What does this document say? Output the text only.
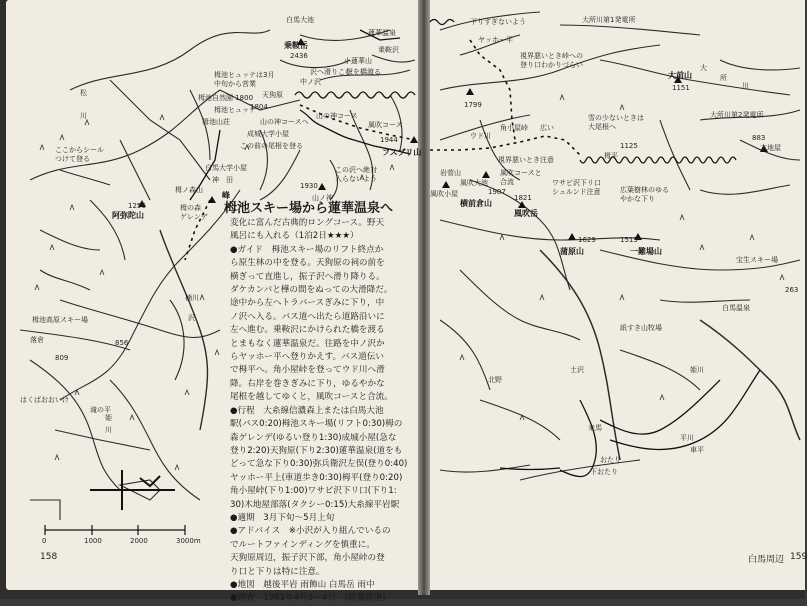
0	1000	2000	3000m
白馬大池
乗鞍岳
2436
蓮華温泉
乗鞍沢
小蓮華山
沢を橋渡る
沢へ滑りこむ
天狗原
栂池ヒュッテは3月中旬から営業
栂池自然園 1800
栂池ヒュッテ
栂池山荘	山の神コースへ
成城大学小屋
この前の尾根を登る
1804
ここからシールつけて登る
白馬大学小屋
神　田
栂ノ森山
栂の森ゲレンデ
峰
1930
山ノ神
この沢へ絶対入らないよう
山の神コース
風吹コース
1944
フスブリ山
1256
阿弥陀山
栂池高原スキー場
落倉
809
856
はくばおおいけ
滝の平
松
川
姫
川
沢
楠川
中ノ沢
大所川第1発電所
下りすぎないよう
ヤッホー平
視界悪いとき峠への登り口わかりづらい
大前山
1151
大
所
川
大所川第2発電所
1799
角小屋峠
ウド川
雪の少ないときは大尾根へ
広い
883
木地屋
1125
栂平
視界悪いとき注意
風吹コースと合流	ワサビ沢下リ口シュルンド注意	広葉樹林のゆるやかな下り
岩菅山
風吹大池
風吹小屋	1907
横前倉山
風吹岳
1821
1629
蒲原山
1513
一難場山
宝生スキー場
白馬温泉
263
紙すき山牧場
北野
土沢	姫川
来馬
平川
車平
おたり
下おたり
栂池スキー場から蓮華温泉へ
変化に富んだ古典的ロングコース。野天
風呂にも入れる（1泊2日★★★）
●ガイド　栂池スキー場のリフト終点か
ら原生林の中を登る。天狗原の祠の前を
横ぎって直進し，振子沢へ滑り降りる。
ダケカンバと樺の間をぬっての大滑降だ。
途中から左へトラバースぎみに下り，中
ノ沢へ入る。バス道へ出たら道路沿いに
左へ進む。乗鞍沢にかけられた橋を渡る
とまもなく蓮華温泉だ。往路を中ノ沢か
らヤッホー平へ登りかえす。バス道伝い
で栂平へ。角小屋峠を登ってウド川へ滑
降。右岸を巻きぎみに下り，ゆるやかな
尾根を越してゆくと，風吹コースと合流。
●行程　大糸線信濃森上または白馬大池
駅(バス0:20)栂池スキー場(リフト0:30)栂の
森ゲレンデ(ゆるい登り1:30)成城小屋(急な
登り2:20)天狗原(下り2:30)蓮華温泉(道をも
どって急な下り0:30)弥兵衛沢左俣(登り0:40)
ヤッホー平上(車道歩き0:30)栂平(登り0:20)
角小屋峠(下り1:00)ワサビ沢下リ口(下り1:
30)木地屋部落(タクシー0:15)大糸線平岩駅
●適期　3月下旬〜5月上旬
●アドバイス　※小沢が入り組んでいるの
でルートファインディングを慎重に。
天狗原周辺，振子沢下部，角小屋峠の登
り口と下りは特に注意。
●地図　越後平岩 雨飾山 白馬岳 雨中
●踏査　1981年4月3〜4日　(降籏義道)
158	白馬周辺 159
